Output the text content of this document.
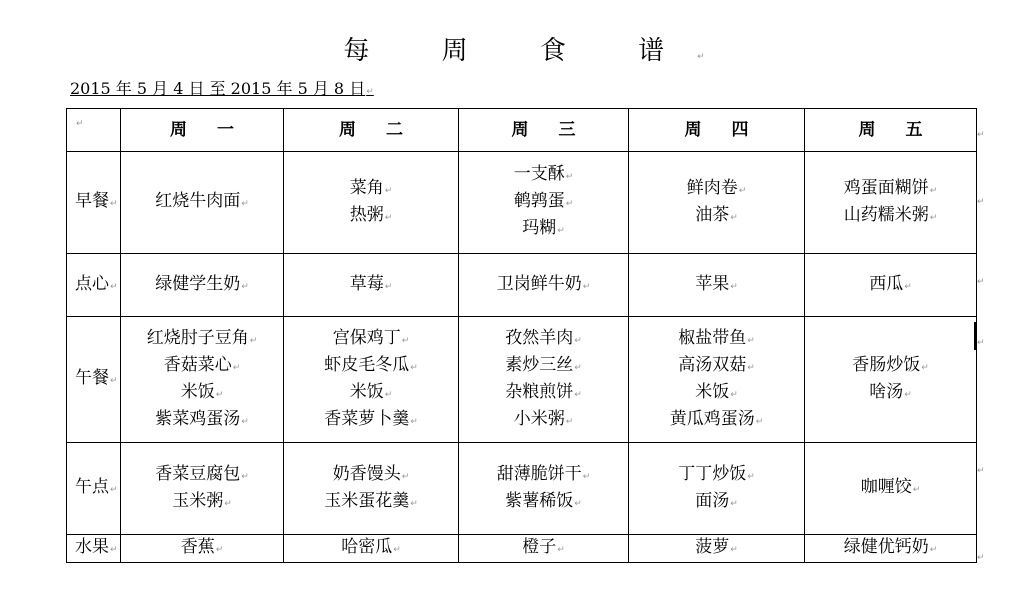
每	周	食	谱	↵
2015 年 5 月 4 日 至 2015 年 5 月 8 日↵
↵	周 一	周 二	周 三	周 四	周 五
早餐↵	红烧牛肉面↵	菜角↵
热粥↵	一支酥↵
鹌鹑蛋↵
玛糊↵	鲜肉卷↵
油茶↵	鸡蛋面糊饼↵
山药糯米粥↵

点心↵	绿健学生奶↵	草莓↵	卫岗鲜牛奶↵	苹果↵	西瓜↵

午餐↵	红烧肘子豆角↵
香菇菜心↵
米饭↵
紫菜鸡蛋汤↵	宫保鸡丁↵
虾皮毛冬瓜↵
米饭↵
香菜萝卜羹↵	孜然羊肉↵
素炒三丝↵
杂粮煎饼↵
小米粥↵	椒盐带鱼↵
高汤双菇↵
米饭↵
黄瓜鸡蛋汤↵	香肠炒饭↵
啥汤↵

午点↵	香菜豆腐包↵
玉米粥↵	奶香馒头↵
玉米蛋花羹↵	甜薄脆饼干↵
紫薯稀饭↵	丁丁炒饭↵
面汤↵	咖喱饺↵

水果↵	香蕉↵	哈密瓜↵	橙子↵	菠萝↵	绿健优钙奶↵
↵
↵
↵
↵
↵
↵
